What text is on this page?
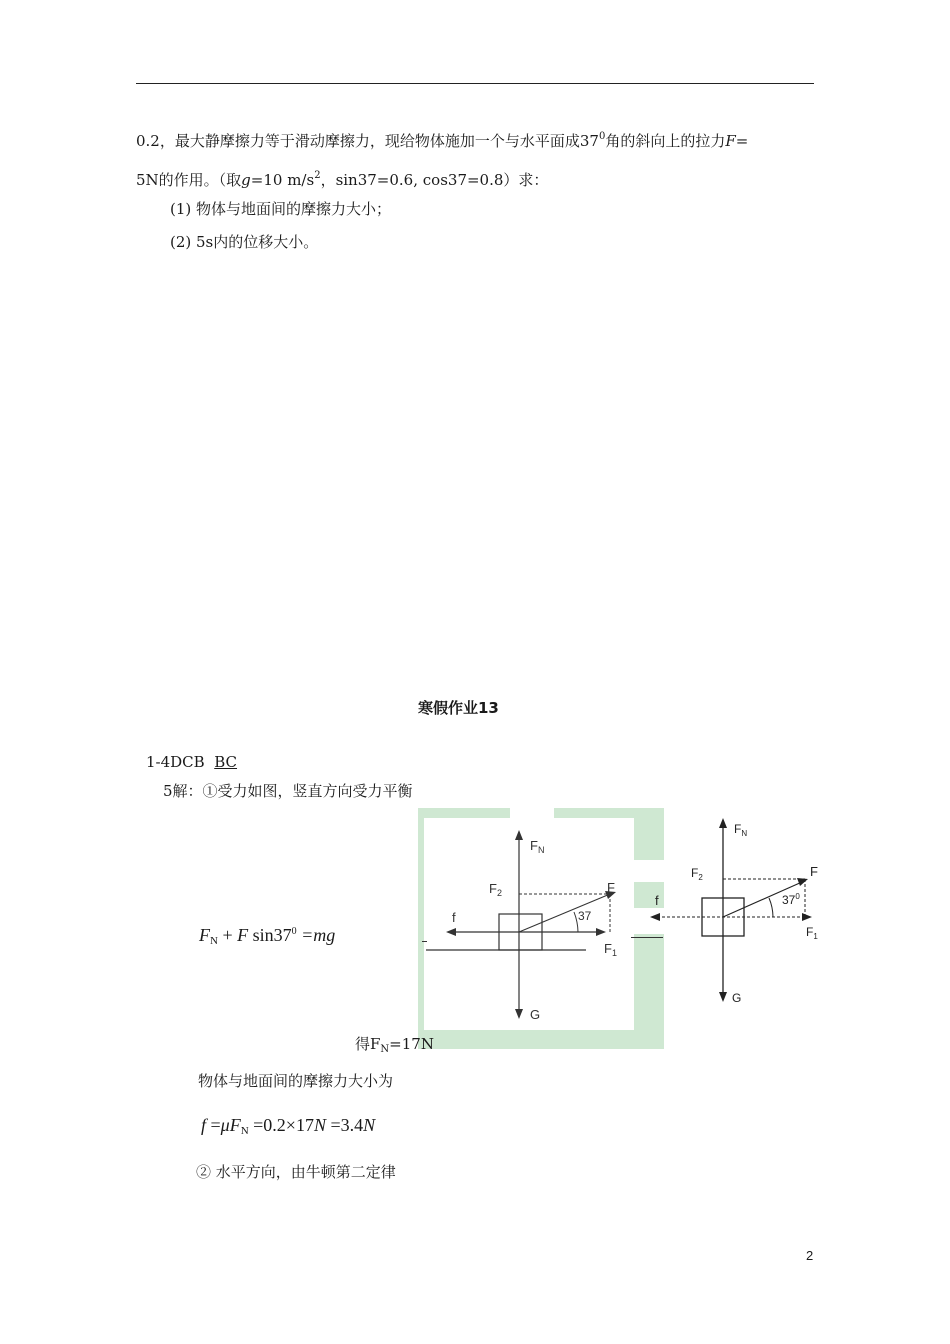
0.2，最大静摩擦力等于滑动摩擦力，现给物体施加一个与水平面成$37^0$角的斜向上的拉力F=
5N的作用。（取g=10 $m/s^2$，sin37=0.6, cos37=0.8）求：
(1) 物体与地面间的摩擦力大小；
(2) 5s内的位移大小。
寒假作业13
1-4DCB BC
5解：①受力如图，竖直方向受力平衡
$F_N + F$ $\sin 37^0 =mg$
$F_N$
$F_2$	F
37
f
$F_1$
G
$F_N$
$F_2$	F
$37^0$
f
$F_1$
G
得$F_N=17N$
物体与地面间的摩擦力大小为
$f =\mu F_N =0.2\times 17N =3.4N$
② 水平方向，由牛顿第二定律
2
